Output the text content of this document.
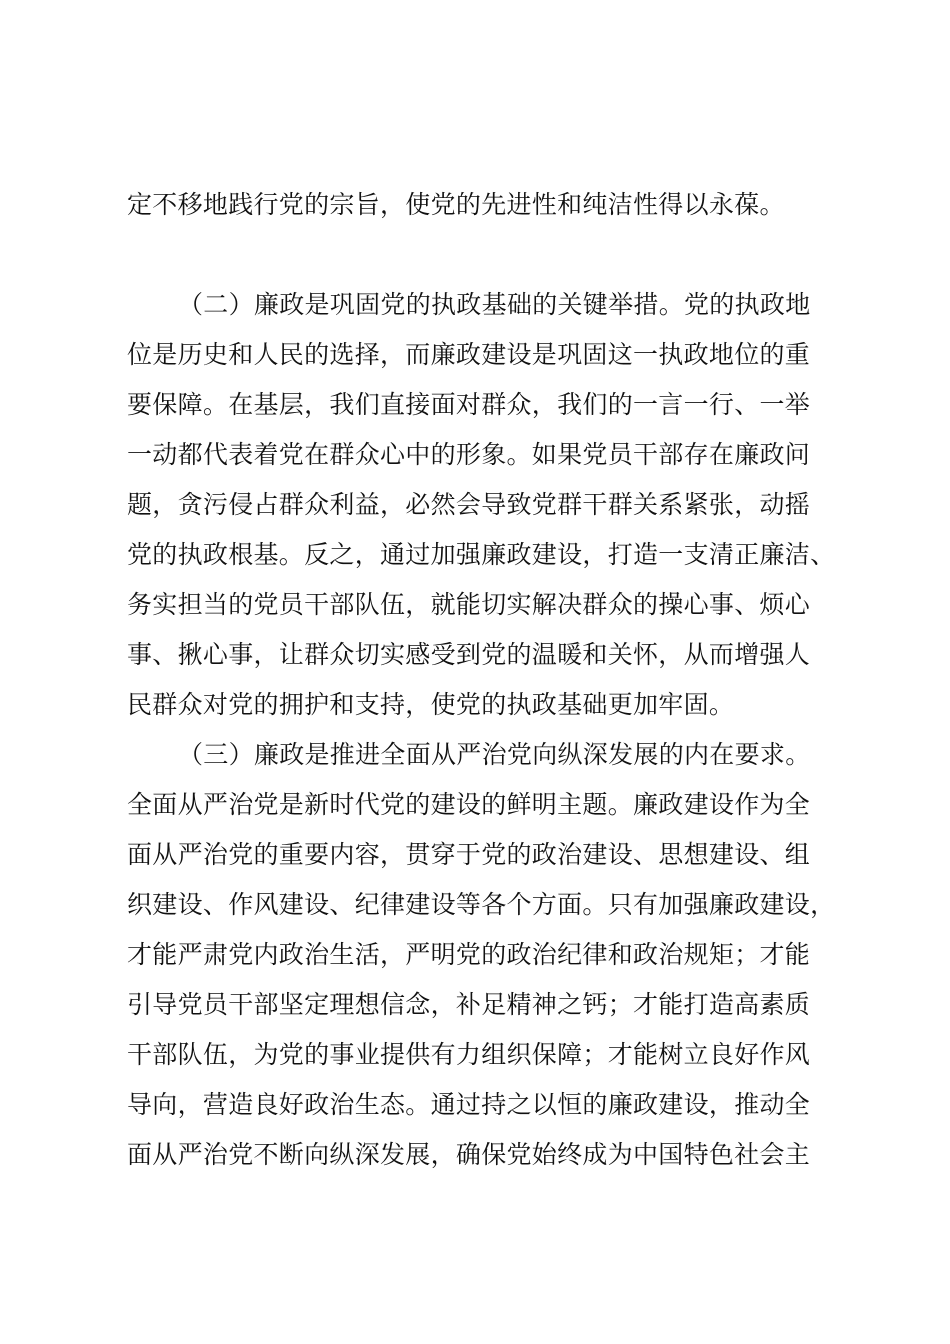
定不移地践行党的宗旨，使党的先进性和纯洁性得以永葆。
（二）廉政是巩固党的执政基础的关键举措。党的执政地
位是历史和人民的选择，而廉政建设是巩固这一执政地位的重
要保障。在基层，我们直接面对群众，我们的一言一行、一举
一动都代表着党在群众心中的形象。如果党员干部存在廉政问
题，贪污侵占群众利益，必然会导致党群干群关系紧张，动摇
党的执政根基。反之，通过加强廉政建设，打造一支清正廉洁、
务实担当的党员干部队伍，就能切实解决群众的操心事、烦心
事、揪心事，让群众切实感受到党的温暖和关怀，从而增强人
民群众对党的拥护和支持，使党的执政基础更加牢固。
（三）廉政是推进全面从严治党向纵深发展的内在要求。
全面从严治党是新时代党的建设的鲜明主题。廉政建设作为全
面从严治党的重要内容，贯穿于党的政治建设、思想建设、组
织建设、作风建设、纪律建设等各个方面。只有加强廉政建设，
才能严肃党内政治生活，严明党的政治纪律和政治规矩；才能
引导党员干部坚定理想信念，补足精神之钙；才能打造高素质
干部队伍，为党的事业提供有力组织保障；才能树立良好作风
导向，营造良好政治生态。通过持之以恒的廉政建设，推动全
面从严治党不断向纵深发展，确保党始终成为中国特色社会主
